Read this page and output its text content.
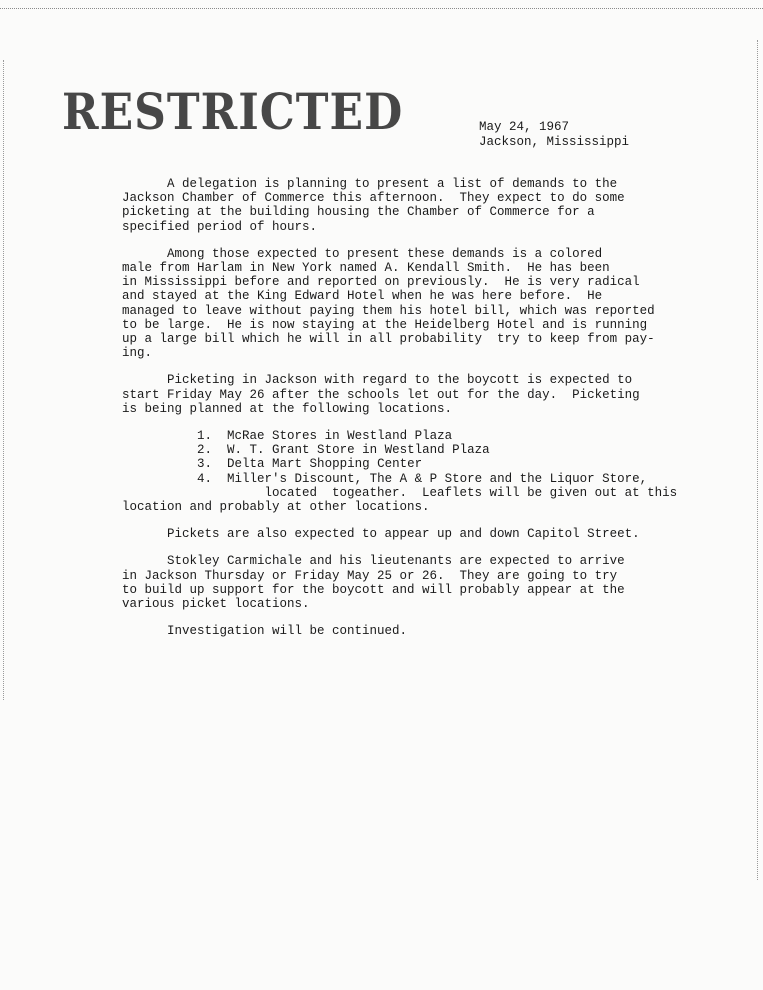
RESTRICTED	May 24, 1967
Jackson, Mississippi

A delegation is planning to present a list of demands to the
Jackson Chamber of Commerce this afternoon.  They expect to do some
picketing at the building housing the Chamber of Commerce for a
specified period of hours.

Among those expected to present these demands is a colored
male from Harlam in New York named A. Kendall Smith.  He has been
in Mississippi before and reported on previously.  He is very radical
and stayed at the King Edward Hotel when he was here before.  He
managed to leave without paying them his hotel bill, which was reported
to be large.  He is now staying at the Heidelberg Hotel and is running
up a large bill which he will in all probability  try to keep from pay-
ing.

Picketing in Jackson with regard to the boycott is expected to
start Friday May 26 after the schools let out for the day.  Picketing
is being planned at the following locations.

1. McRae Stores in Westland Plaza
2. W. T. Grant Store in Westland Plaza
3. Delta Mart Shopping Center
4. Miller's Discount, The A & P Store and the Liquor Store,
located  togeather.  Leaflets will be given out at this
location and probably at other locations.

Pickets are also expected to appear up and down Capitol Street.

Stokley Carmichale and his lieutenants are expected to arrive
in Jackson Thursday or Friday May 25 or 26.  They are going to try
to build up support for the boycott and will probably appear at the
various picket locations.

Investigation will be continued.
